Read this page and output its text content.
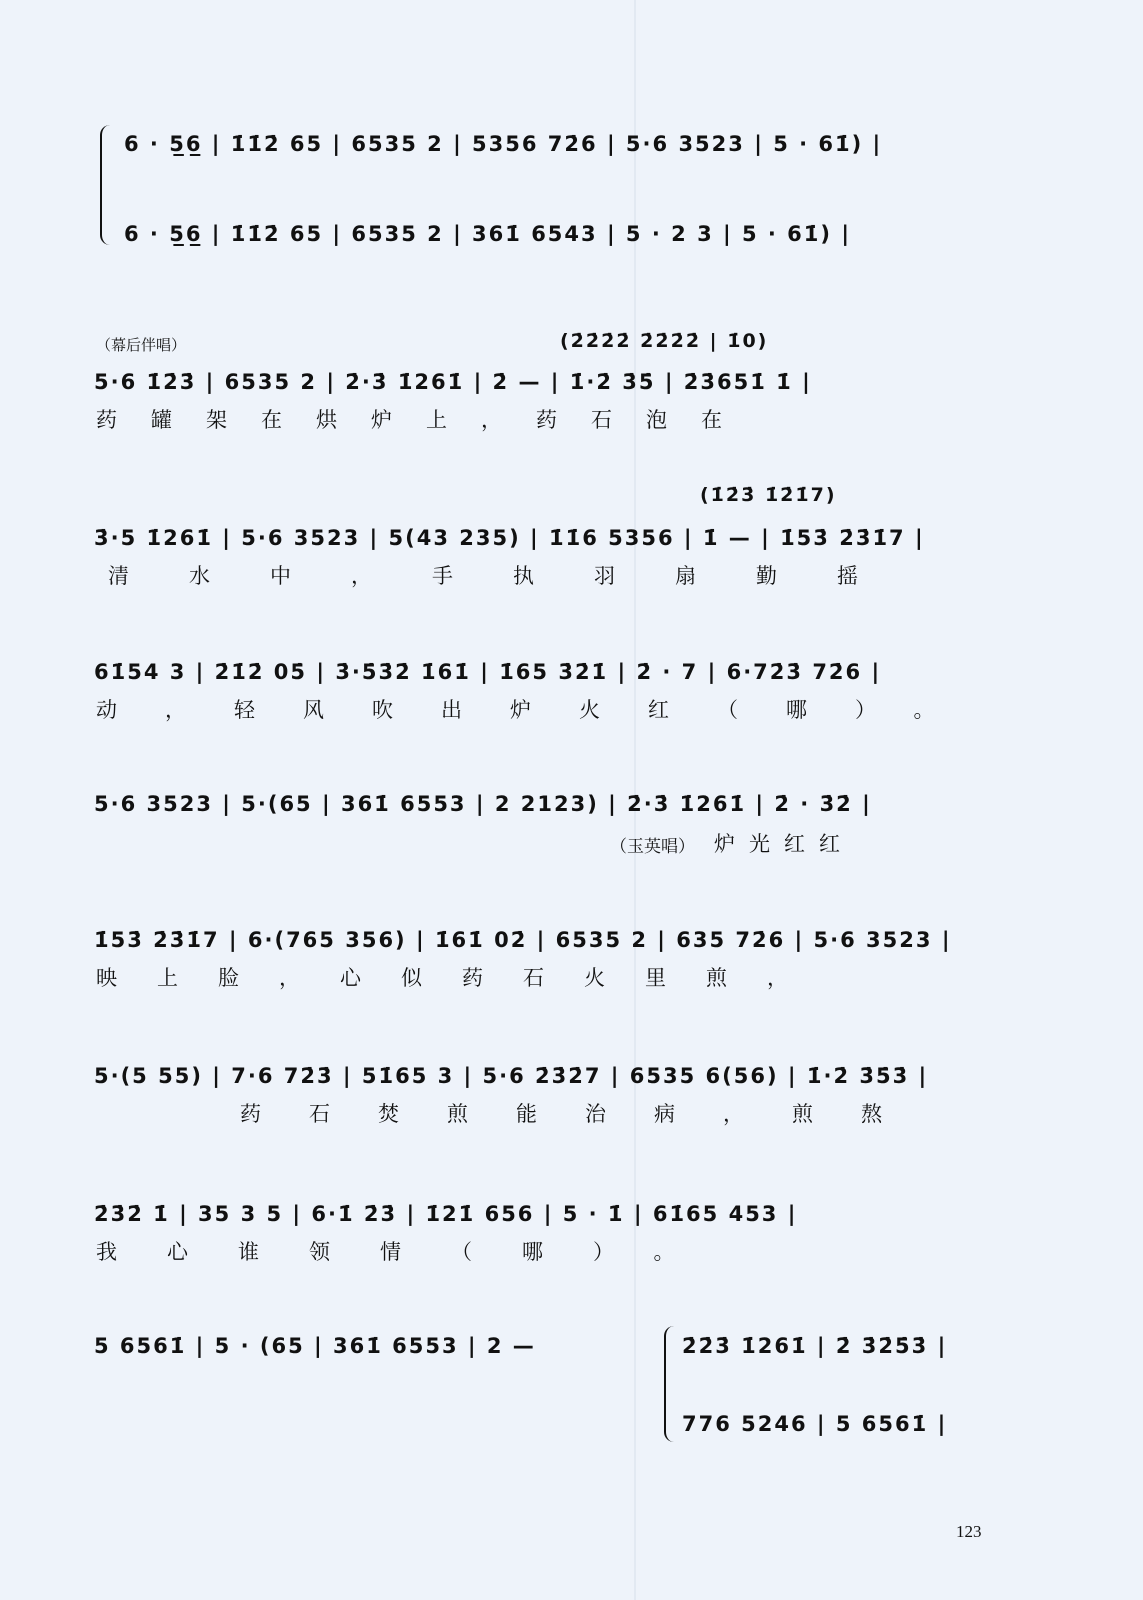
6 · 5̲6̲ | 1̇1̇2̇ 65 | 6535 2 | 5356 72̇6 | 5·6 3523 | 5 · 61̇) |
6 · 5̲6̲ | 1̇1̇2̇ 65 | 6535 2 | 361̇ 6543 | 5 · 2 3 | 5 · 61̇) |
（幕后伴唱）	(2̇2̇2̇2̇ 2̇2̇2̇2̇ | 1̇0)
5·6 1̇2̇3̇ | 6535 2 | 2̇·3̇ 1̇261̇ | 2̇ — | 1̇·2̇ 3̇5̇ | 2̇3̇651̇ 1̇ |
药罐架在烘炉上，药石泡在
(1̇2̇3̇ 1̇2̇1̇7)
3̇·5 1̇261̇ | 5·6 3523 | 5(43 235) | 1̇1̇6 5356 | 1̇ — | 1̇53̇ 2̇3̇1̇7 |
清水中，手执羽扇勤摇
61̇54 3 | 2̇1̇2̇ 05̇ | 3̇·5̇3̇2̇ 1̇61̇ | 1̇65 3̇2̇1̇ | 2̇ · 7 | 6·72̇3̇ 72̇6 |
动，轻风吹出炉火红（哪）。
5·6 3523 | 5·(65 | 361̇ 6553 | 2 2123) | 2̇·3̇ 1̇261̇ | 2̇ · 3̇2̇ |
（玉英唱） 炉光红红
1̇53̇ 2̇3̇1̇7 | 6·(765 356) | 1̇61̇ 02̇ | 6535 2 | 635 72̇6 | 5·6 3523 |
映上脸，心似药石火里煎，
5·(5 55) | 7·6 72̇3̇ | 51̇65 3 | 5·6 2̇3̇2̇7 | 6535 6(56) | 1̇·2̇ 3̇5̇3̇ |
药石焚煎能治病，煎熬
2̇3̇2̇ 1̇ | 35 3 5 | 6·1̇ 2̇3̇ | 1̇21̇ 656 | 5 · 1̇ | 61̇65 453 |
我心谁领情（哪）。
5 6561̇ | 5 · (65 | 361̇ 6553 | 2 —	2̇2̇3̇ 1̇261̇ | 2̇ 3̇2̇5̇3̇ |
776 5246 | 5 6561̇ |
123
